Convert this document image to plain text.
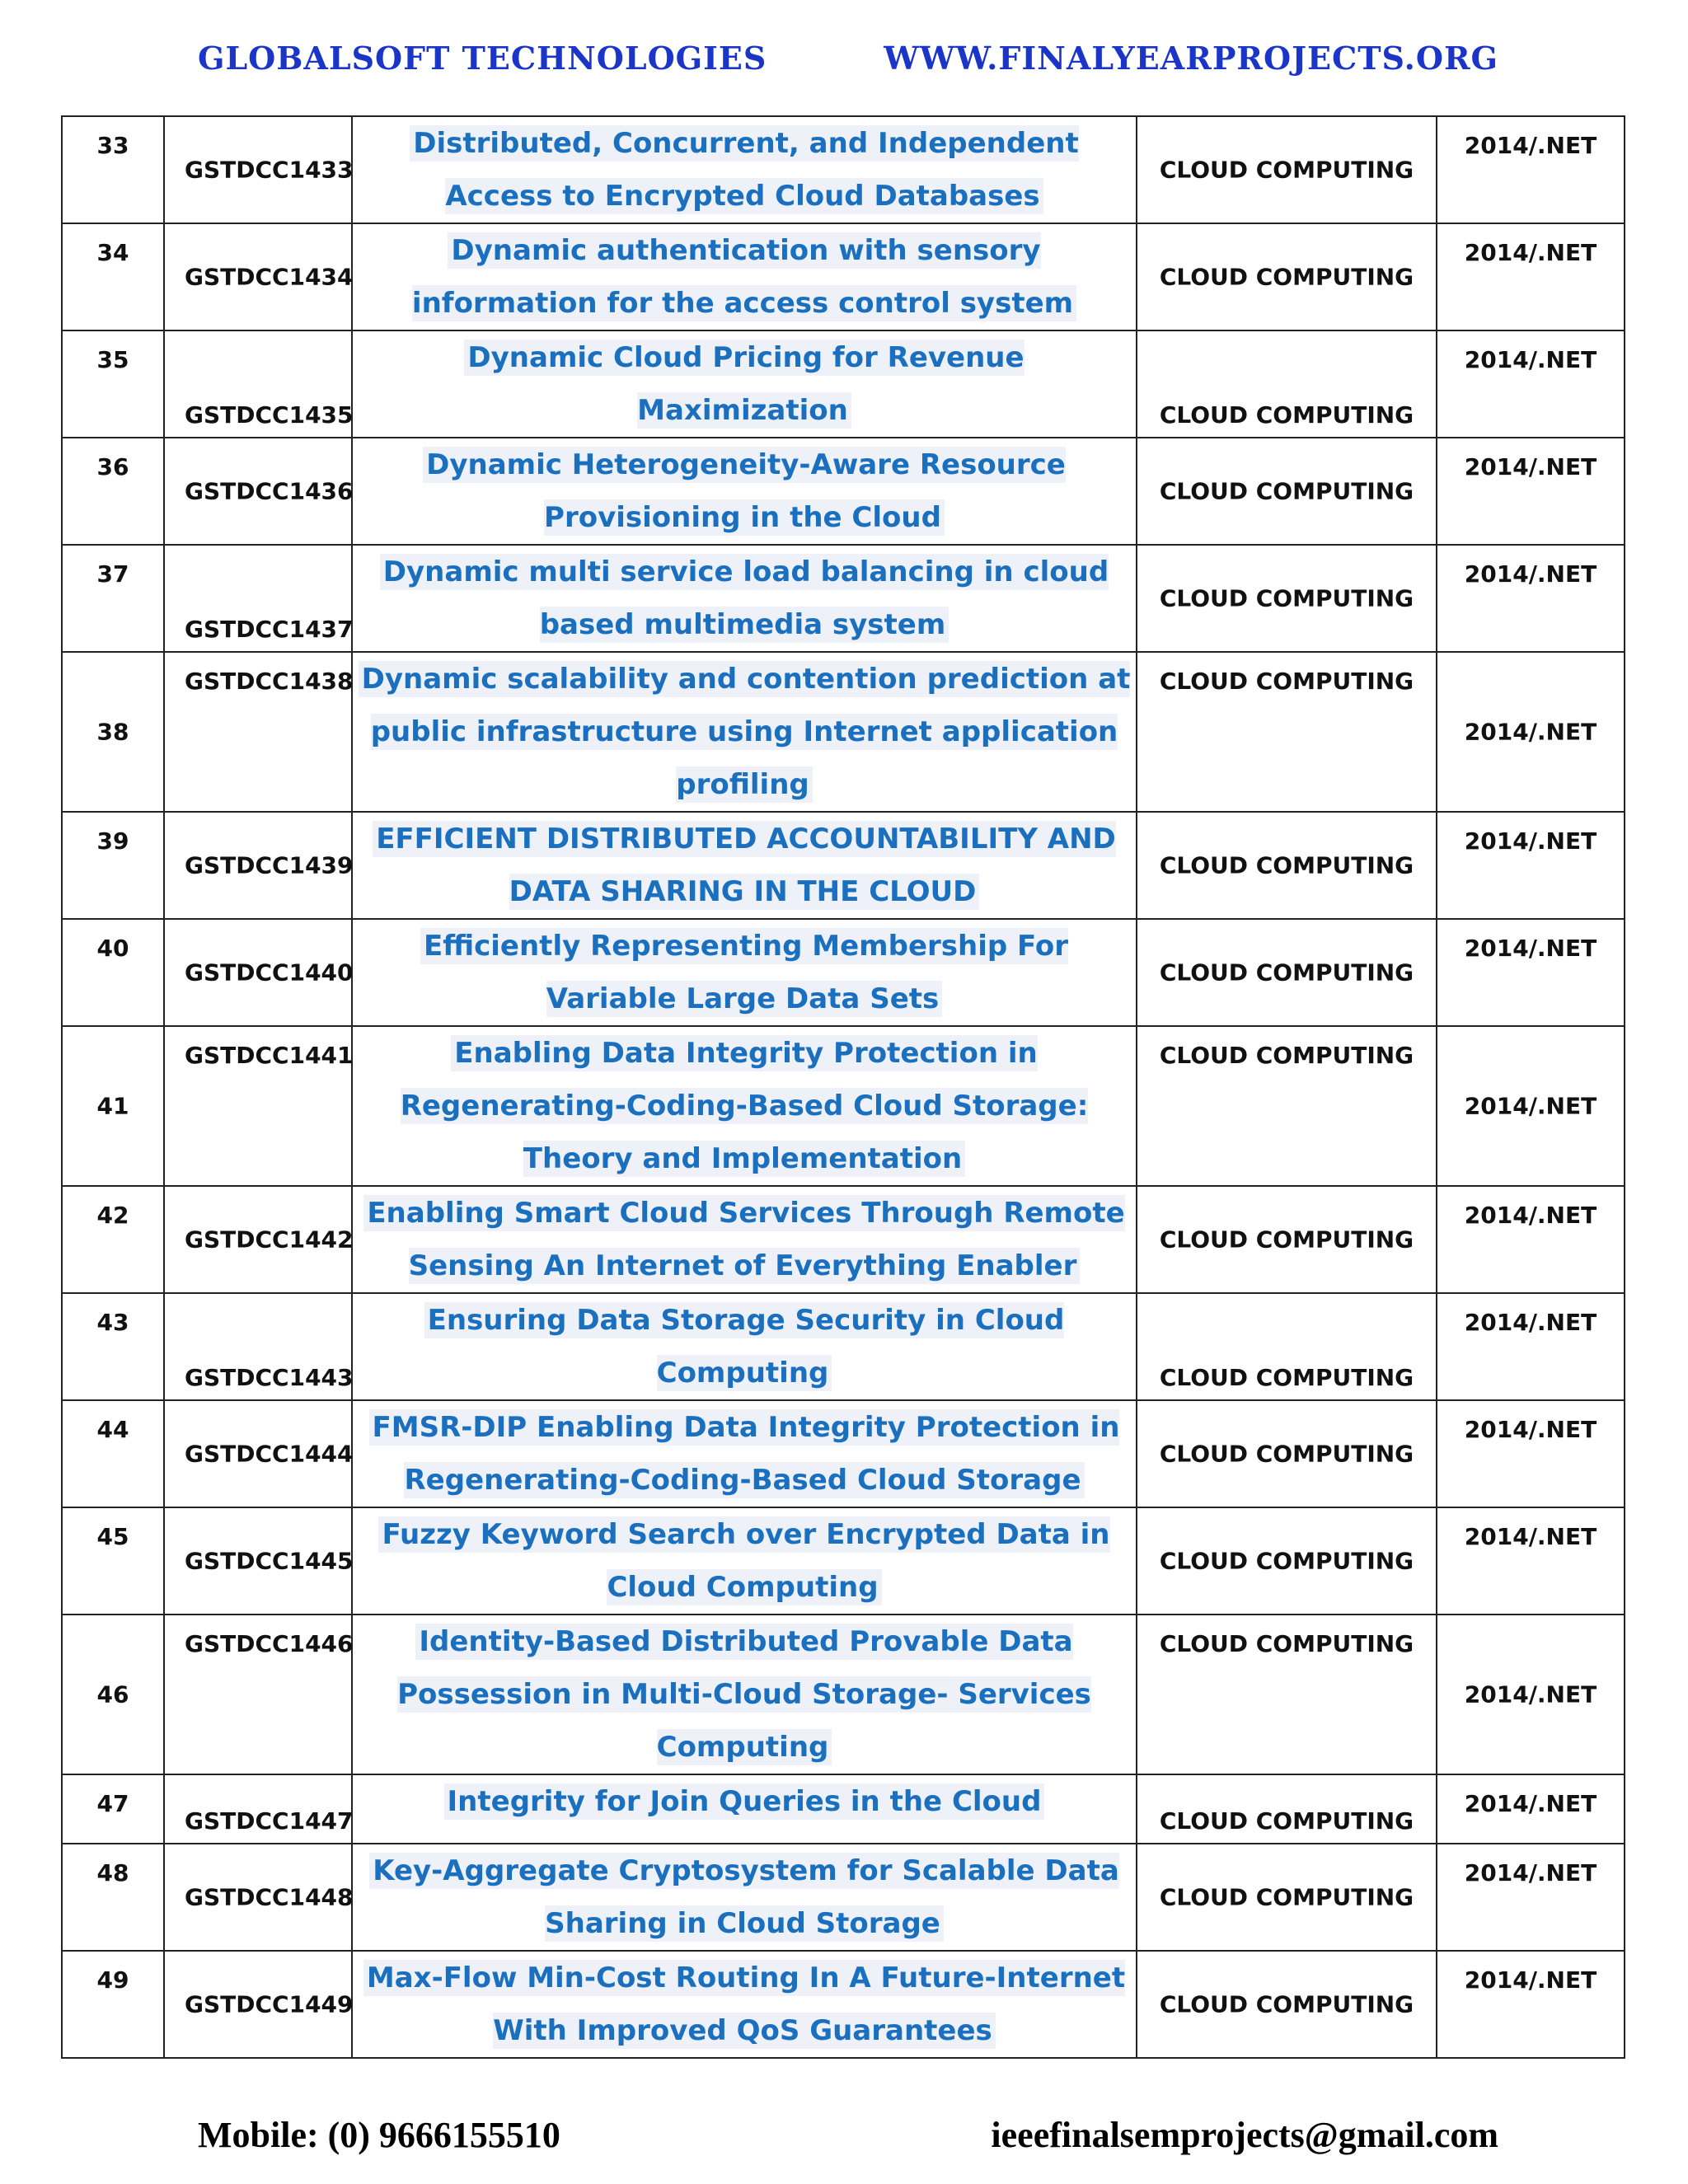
GLOBALSOFT TECHNOLOGIES	WWW.FINALYEARPROJECTS.ORG
33	GSTDCC1433	Distributed, Concurrent, and Independent Access to Encrypted Cloud Databases	CLOUD COMPUTING	2014/.NET

34	GSTDCC1434	Dynamic authentication with sensory information for the access control system	CLOUD COMPUTING	2014/.NET

35	GSTDCC1435	Dynamic Cloud Pricing for Revenue Maximization	CLOUD COMPUTING	2014/.NET

36	GSTDCC1436	Dynamic Heterogeneity-Aware Resource Provisioning in the Cloud	CLOUD COMPUTING	2014/.NET

37	GSTDCC1437	Dynamic multi service load balancing in cloud based multimedia system	CLOUD COMPUTING	2014/.NET

38	GSTDCC1438	Dynamic scalability and contention prediction at public infrastructure using Internet application profiling	CLOUD COMPUTING	2014/.NET

39	GSTDCC1439	EFFICIENT DISTRIBUTED ACCOUNTABILITY AND DATA SHARING IN THE CLOUD	CLOUD COMPUTING	2014/.NET

40	GSTDCC1440	Efficiently Representing Membership For Variable Large Data Sets	CLOUD COMPUTING	2014/.NET

41	GSTDCC1441	Enabling Data Integrity Protection in Regenerating-Coding-Based Cloud Storage: Theory and Implementation	CLOUD COMPUTING	2014/.NET

42	GSTDCC1442	Enabling Smart Cloud Services Through Remote Sensing An Internet of Everything Enabler	CLOUD COMPUTING	2014/.NET

43	GSTDCC1443	Ensuring Data Storage Security in Cloud Computing	CLOUD COMPUTING	2014/.NET

44	GSTDCC1444	FMSR-DIP Enabling Data Integrity Protection in Regenerating-Coding-Based Cloud Storage	CLOUD COMPUTING	2014/.NET

45	GSTDCC1445	Fuzzy Keyword Search over Encrypted Data in Cloud Computing	CLOUD COMPUTING	2014/.NET

46	GSTDCC1446	Identity-Based Distributed Provable Data Possession in Multi-Cloud Storage- Services Computing	CLOUD COMPUTING	2014/.NET

47	GSTDCC1447	Integrity for Join Queries in the Cloud	CLOUD COMPUTING	2014/.NET

48	GSTDCC1448	Key-Aggregate Cryptosystem for Scalable Data Sharing in Cloud Storage	CLOUD COMPUTING	2014/.NET

49	GSTDCC1449	Max-Flow Min-Cost Routing In A Future-Internet With Improved QoS Guarantees	CLOUD COMPUTING	2014/.NET
Mobile: (0) 9666155510	ieeefinalsemprojects@gmail.com
